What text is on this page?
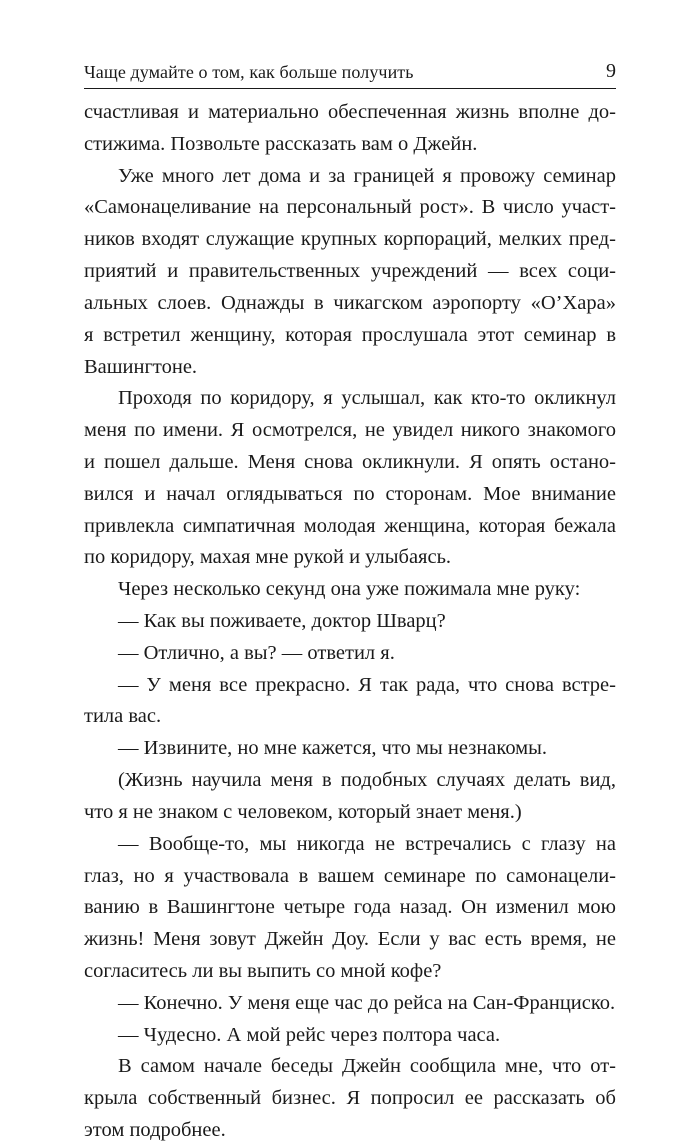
Чаще думайте о том, как больше получить	9
счастливая и материально обеспеченная жизнь вполне до-
стижима. Позвольте рассказать вам о Джейн.
Уже много лет дома и за границей я провожу семинар
«Самонацеливание на персональный рост». В число участ-
ников входят служащие крупных корпораций, мелких пред-
приятий и правительственных учреждений — всех соци-
альных слоев. Однажды в чикагском аэропорту «О’Хара»
я встретил женщину, которая прослушала этот семинар в
Вашингтоне.
Проходя по коридору, я услышал, как кто-то окликнул
меня по имени. Я осмотрелся, не увидел никого знакомого
и пошел дальше. Меня снова окликнули. Я опять остано-
вился и начал оглядываться по сторонам. Мое внимание
привлекла симпатичная молодая женщина, которая бежала
по коридору, махая мне рукой и улыбаясь.
Через несколько секунд она уже пожимала мне руку:
— Как вы поживаете, доктор Шварц?
— Отлично, а вы? — ответил я.
— У меня все прекрасно. Я так рада, что снова встре-
тила вас.
— Извините, но мне кажется, что мы незнакомы.
(Жизнь научила меня в подобных случаях делать вид,
что я не знаком с человеком, который знает меня.)
— Вообще-то, мы никогда не встречались с глазу на
глаз, но я участвовала в вашем семинаре по самонацели-
ванию в Вашингтоне четыре года назад. Он изменил мою
жизнь! Меня зовут Джейн Доу. Если у вас есть время, не
согласитесь ли вы выпить со мной кофе?
— Конечно. У меня еще час до рейса на Сан-Франциско.
— Чудесно. А мой рейс через полтора часа.
В самом начале беседы Джейн сообщила мне, что от-
крыла собственный бизнес. Я попросил ее рассказать об
этом подробнее.
